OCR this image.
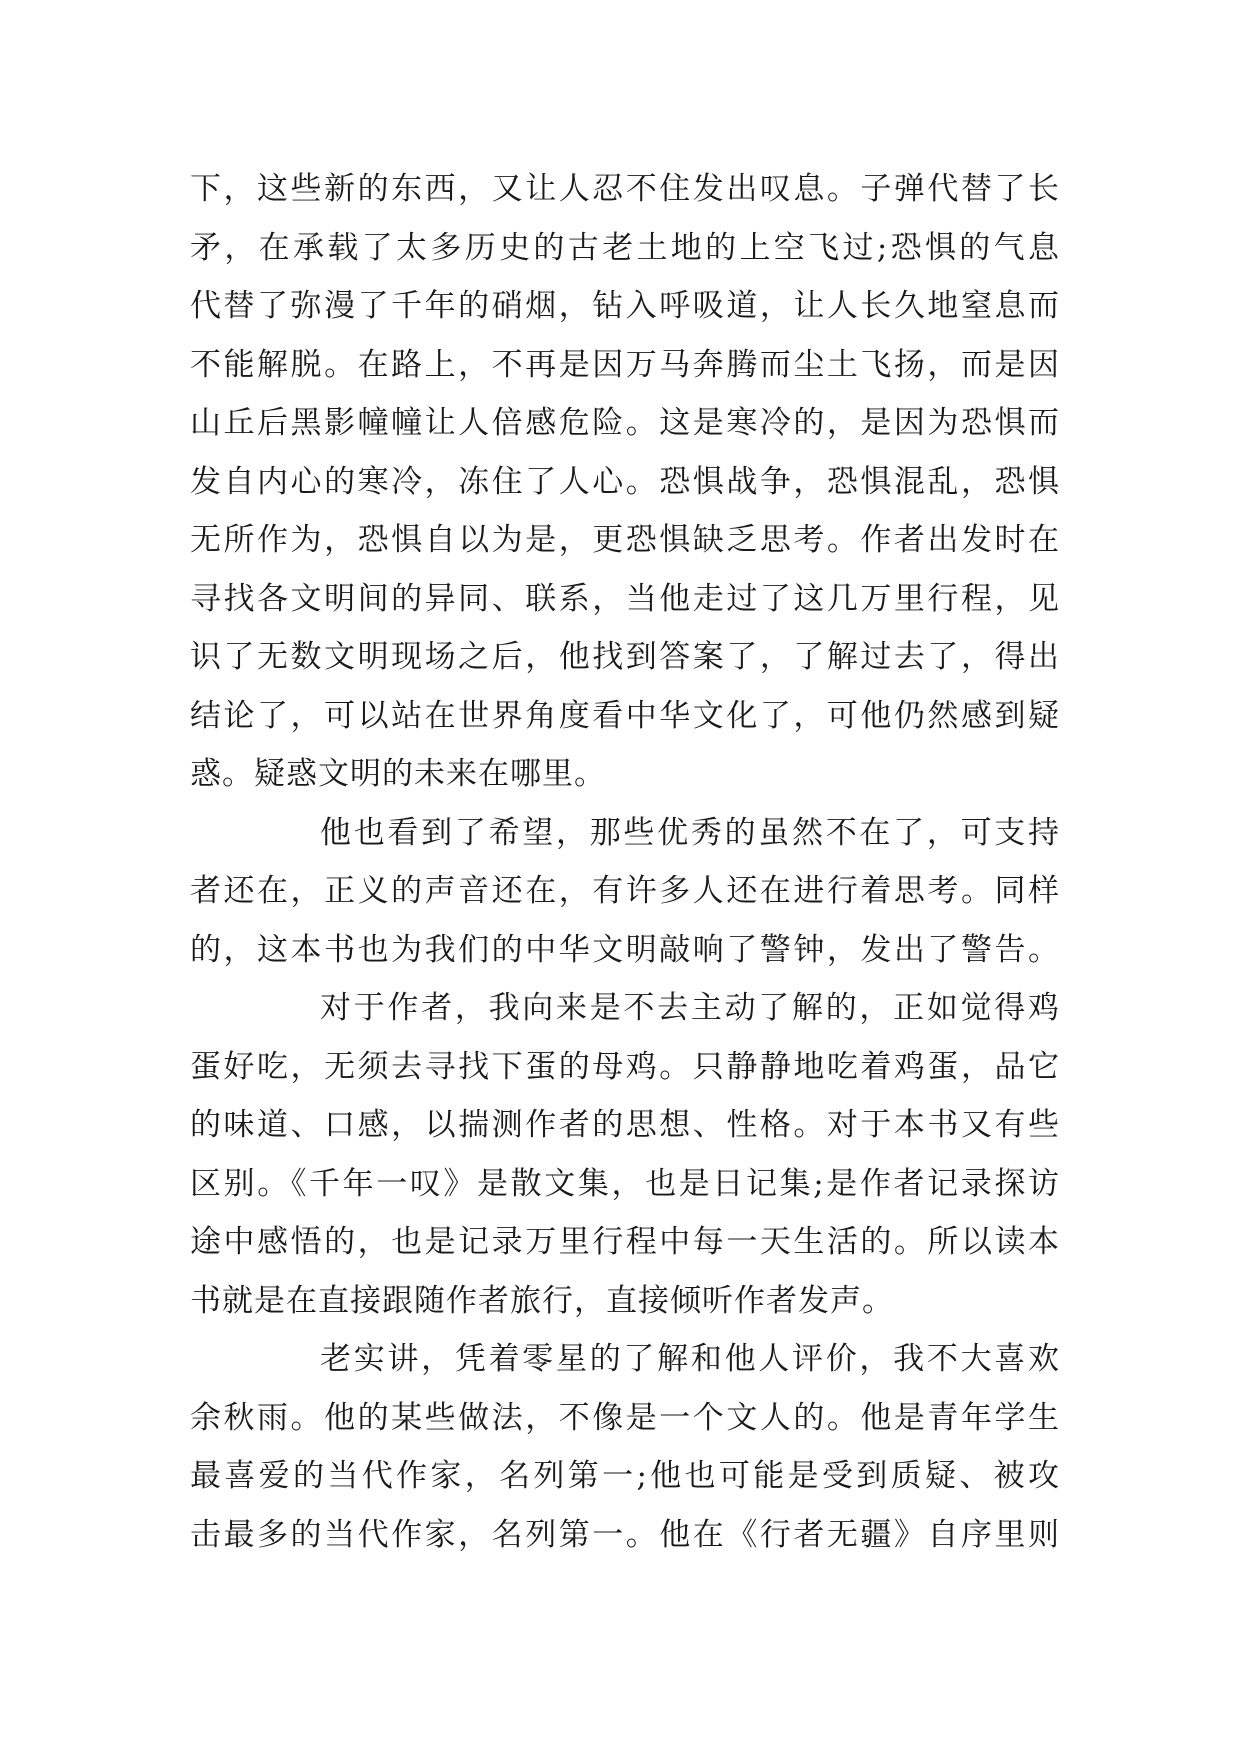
下，这些新的东西，又让人忍不住发出叹息。子弹代替了长
矛，在承载了太多历史的古老土地的上空飞过;恐惧的气息
代替了弥漫了千年的硝烟，钻入呼吸道，让人长久地窒息而
不能解脱。在路上，不再是因万马奔腾而尘土飞扬，而是因
山丘后黑影幢幢让人倍感危险。这是寒冷的，是因为恐惧而
发自内心的寒冷，冻住了人心。恐惧战争，恐惧混乱，恐惧
无所作为，恐惧自以为是，更恐惧缺乏思考。作者出发时在
寻找各文明间的异同、联系，当他走过了这几万里行程，见
识了无数文明现场之后，他找到答案了，了解过去了，得出
结论了，可以站在世界角度看中华文化了，可他仍然感到疑
惑。疑惑文明的未来在哪里。
他也看到了希望，那些优秀的虽然不在了，可支持
者还在，正义的声音还在，有许多人还在进行着思考。同样
的，这本书也为我们的中华文明敲响了警钟，发出了警告。
对于作者，我向来是不去主动了解的，正如觉得鸡
蛋好吃，无须去寻找下蛋的母鸡。只静静地吃着鸡蛋，品它
的味道、口感，以揣测作者的思想、性格。对于本书又有些
区别。《千年一叹》是散文集，也是日记集;是作者记录探访
途中感悟的，也是记录万里行程中每一天生活的。所以读本
书就是在直接跟随作者旅行，直接倾听作者发声。
老实讲，凭着零星的了解和他人评价，我不大喜欢
余秋雨。他的某些做法，不像是一个文人的。他是青年学生
最喜爱的当代作家，名列第一;他也可能是受到质疑、被攻
击最多的当代作家，名列第一。他在《行者无疆》自序里则
